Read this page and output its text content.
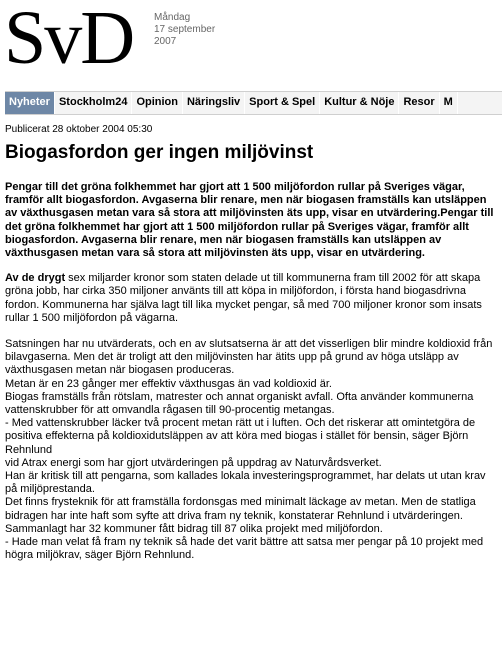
SvD Måndag
17 september
2007
Nyheter Stockholm24 Opinion Näringsliv Sport & Spel Kultur & Nöje Resor M
Publicerat 28 oktober 2004 05:30
Biogasfordon ger ingen miljövinst

Pengar till det gröna folkhemmet har gjort att 1 500 miljöfordon rullar på Sveriges vägar, framför allt biogasfordon. Avgaserna blir renare, men när biogasen framställs kan utsläppen av växthusgasen metan vara så stora att miljövinsten äts upp, visar en utvärdering.Pengar till det gröna folkhemmet har gjort att 1 500 miljöfordon rullar på Sveriges vägar, framför allt biogasfordon. Avgaserna blir renare, men när biogasen framställs kan utsläppen av växthusgasen metan vara så stora att miljövinsten äts upp, visar en utvärdering.

Av de drygt sex miljarder kronor som staten delade ut till kommunerna fram till 2002 för att skapa gröna jobb, har cirka 350 miljoner använts till att köpa in miljöfordon, i första hand biogasdrivna fordon. Kommunerna har själva lagt till lika mycket pengar, så med 700 miljoner kronor som insats rullar 1 500 miljöfordon på vägarna.

Satsningen har nu utvärderats, och en av slutsatserna är att det visserligen blir mindre koldioxid från bilavgaserna. Men det är troligt att den miljövinsten har ätits upp på grund av höga utsläpp av växthusgasen metan när biogasen produceras.
Metan är en 23 gånger mer effektiv växthusgas än vad koldioxid är.
Biogas framställs från rötslam, matrester och annat organiskt avfall. Ofta använder kommunerna vattenskrubber för att omvandla rågasen till 90-procentig metangas.
- Med vattenskrubber läcker två procent metan rätt ut i luften. Och det riskerar att omintetgöra de positiva effekterna på koldioxidutsläppen av att köra med biogas i stället för bensin, säger Björn Rehnlund
vid Atrax energi som har gjort utvärderingen på uppdrag av Naturvårdsverket.
Han är kritisk till att pengarna, som kallades lokala investeringsprogrammet, har delats ut utan krav på miljöprestanda.
Det finns frysteknik för att framställa fordonsgas med minimalt läckage av metan. Men de statliga bidragen har inte haft som syfte att driva fram ny teknik, konstaterar Rehnlund i utvärderingen.
Sammanlagt har 32 kommuner fått bidrag till 87 olika projekt med miljöfordon.
- Hade man velat få fram ny teknik så hade det varit bättre att satsa mer pengar på 10 projekt med högra miljökrav, säger Björn Rehnlund.
